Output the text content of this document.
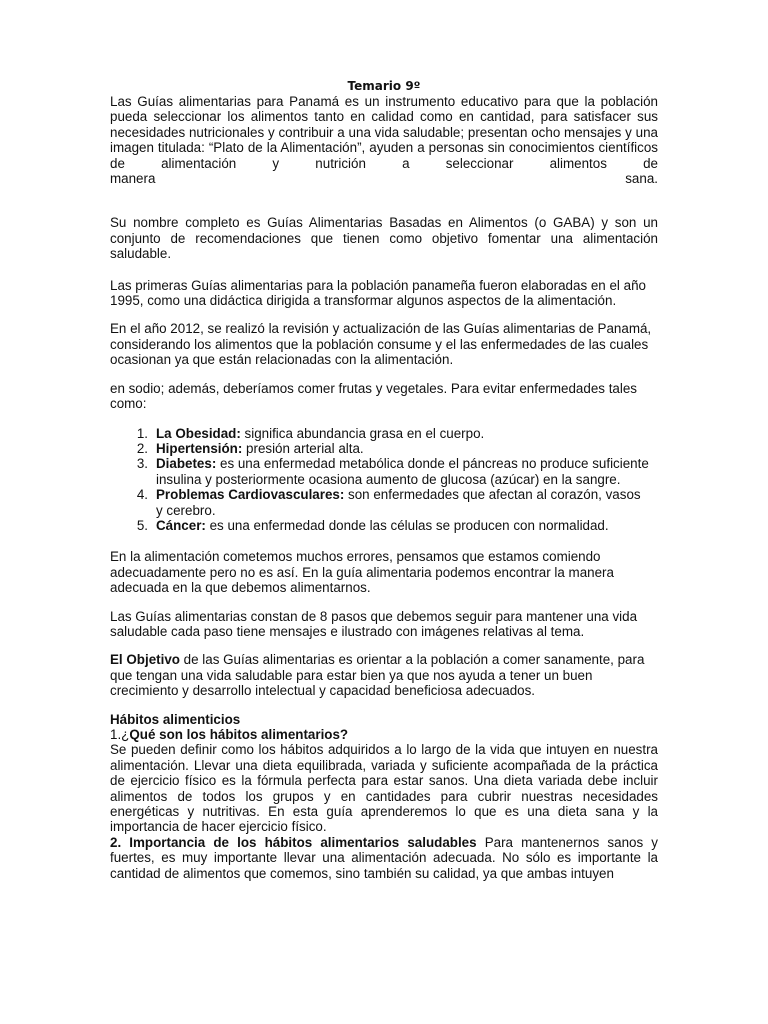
Temario 9º

Las Guías alimentarias para Panamá es un instrumento educativo para que la población pueda seleccionar los alimentos tanto en calidad como en cantidad, para satisfacer sus necesidades nutricionales y contribuir a una vida saludable; presentan ocho mensajes y una imagen titulada: “Plato de la Alimentación”, ayuden a personas sin conocimientos científicos de alimentación y nutrición a seleccionar alimentos de

manera	sana.

Su nombre completo es Guías Alimentarias Basadas en Alimentos (o GABA) y son un conjunto de recomendaciones que tienen como objetivo fomentar una alimentación saludable.

Las primeras Guías alimentarias para la población panameña fueron elaboradas en el año 1995, como una didáctica dirigida a transformar algunos aspectos de la alimentación.

En el año 2012, se realizó la revisión y actualización de las Guías alimentarias de Panamá, considerando los alimentos que la población consume y el las enfermedades de las cuales ocasionan ya que están relacionadas con la alimentación.

en sodio; además, deberíamos comer frutas y vegetales. Para evitar enfermedades tales como:

1. La Obesidad: significa abundancia grasa en el cuerpo.
2. Hipertensión: presión arterial alta.
3. Diabetes: es una enfermedad metabólica donde el páncreas no produce suficiente insulina y posteriormente ocasiona aumento de glucosa (azúcar) en la sangre.
4. Problemas Cardiovasculares: son enfermedades que afectan al corazón, vasos y cerebro.
5. Cáncer: es una enfermedad donde las células se producen con normalidad.

En la alimentación cometemos muchos errores, pensamos que estamos comiendo adecuadamente pero no es así. En la guía alimentaria podemos encontrar la manera adecuada en la que debemos alimentarnos.

Las Guías alimentarias constan de 8 pasos que debemos seguir para mantener una vida saludable cada paso tiene mensajes e ilustrado con imágenes relativas al tema.

El Objetivo de las Guías alimentarias es orientar a la población a comer sanamente, para que tengan una vida saludable para estar bien ya que nos ayuda a tener un buen crecimiento y desarrollo intelectual y capacidad beneficiosa adecuados.

Hábitos alimenticios

1.¿Qué son los hábitos alimentarios?

Se pueden definir como los hábitos adquiridos a lo largo de la vida que intuyen en nuestra alimentación. Llevar una dieta equilibrada, variada y suficiente acompañada de la práctica de ejercicio físico es la fórmula perfecta para estar sanos. Una dieta variada debe incluir alimentos de todos los grupos y en cantidades para cubrir nuestras necesidades energéticas y nutritivas. En esta guía aprenderemos lo que es una dieta sana y la importancia de hacer ejercicio físico.

2. Importancia de los hábitos alimentarios saludables Para mantenernos sanos y fuertes, es muy importante llevar una alimentación adecuada. No sólo es importante la cantidad de alimentos que comemos, sino también su calidad, ya que ambas intuyen
